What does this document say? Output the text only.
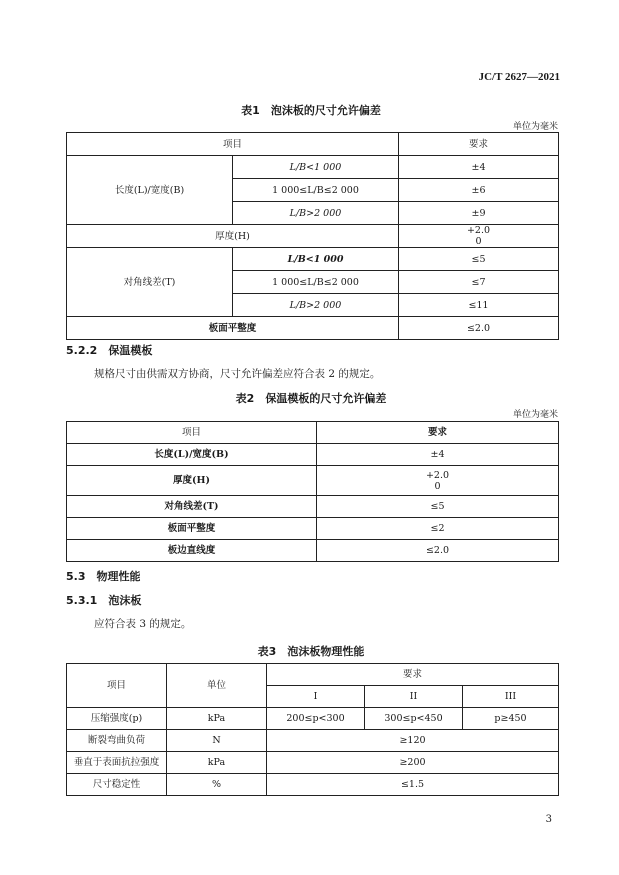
JC/T 2627—2021
表1　泡沫板的尺寸允许偏差
单位为毫米
项目		要求
长度(L)/宽度(B)	L/B<1 000	±4
	1 000≤L/B≤2 000	±6
	L/B>2 000	±9
厚度(H)		+2.0
0

对角线差(T)	L/B<1 000	≤5
	1 000≤L/B≤2 000	≤7
	L/B>2 000	≤11
板面平整度		≤2.0
5.2.2　保温模板
规格尺寸由供需双方协商，尺寸允许偏差应符合表 2 的规定。
表2　保温模板的尺寸允许偏差
单位为毫米
项目	要求
长度(L)/宽度(B)	±4
厚度(H)	+2.0
0

对角线差(T)	≤5
板面平整度	≤2
板边直线度	≤2.0
5.3　物理性能
5.3.1　泡沫板
应符合表 3 的规定。
表3　泡沫板物理性能
项目	单位	要求		
		I	II	III
压缩强度(p)	kPa	200≤p<300	300≤p<450	p≥450
断裂弯曲负荷	N	≥120		
垂直于表面抗拉强度	kPa	≥200		
尺寸稳定性	%	≤1.5		
3
